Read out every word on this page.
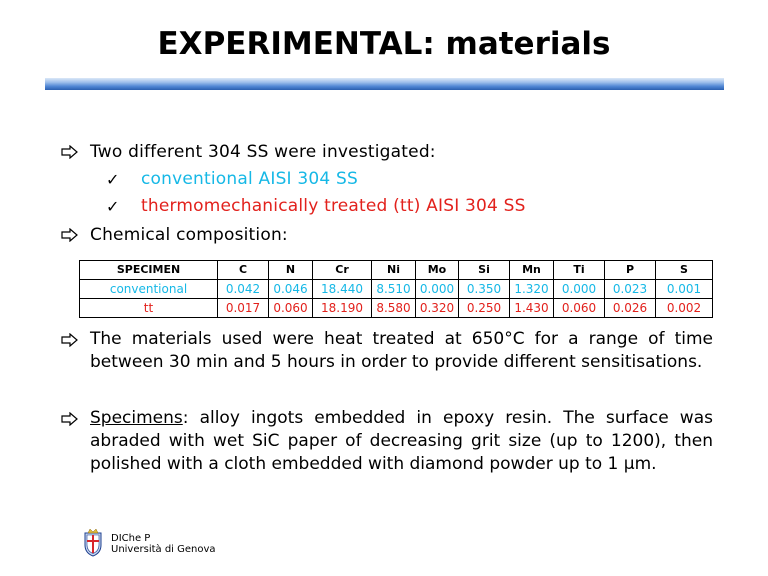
EXPERIMENTAL: materials
Two different 304 SS were investigated:
✓ conventional AISI 304 SS
✓ thermomechanically treated (tt) AISI 304 SS
Chemical composition:
SPECIMEN	C	N	Cr	Ni	Mo	Si	Mn	Ti	P	S
conventional	0.042	0.046	18.440	8.510	0.000	0.350	1.320	0.000	0.023	0.001
tt	0.017	0.060	18.190	8.580	0.320	0.250	1.430	0.060	0.026	0.002
The materials used were heat treated at 650°C for a range of time between 30 min and 5 hours in order to provide different sensitisations.
Specimens: alloy ingots embedded in epoxy resin. The surface was abraded with wet SiC paper of decreasing grit size (up to 1200), then polished with a cloth embedded with diamond powder up to 1 μm.
DIChe P
Università di Genova
